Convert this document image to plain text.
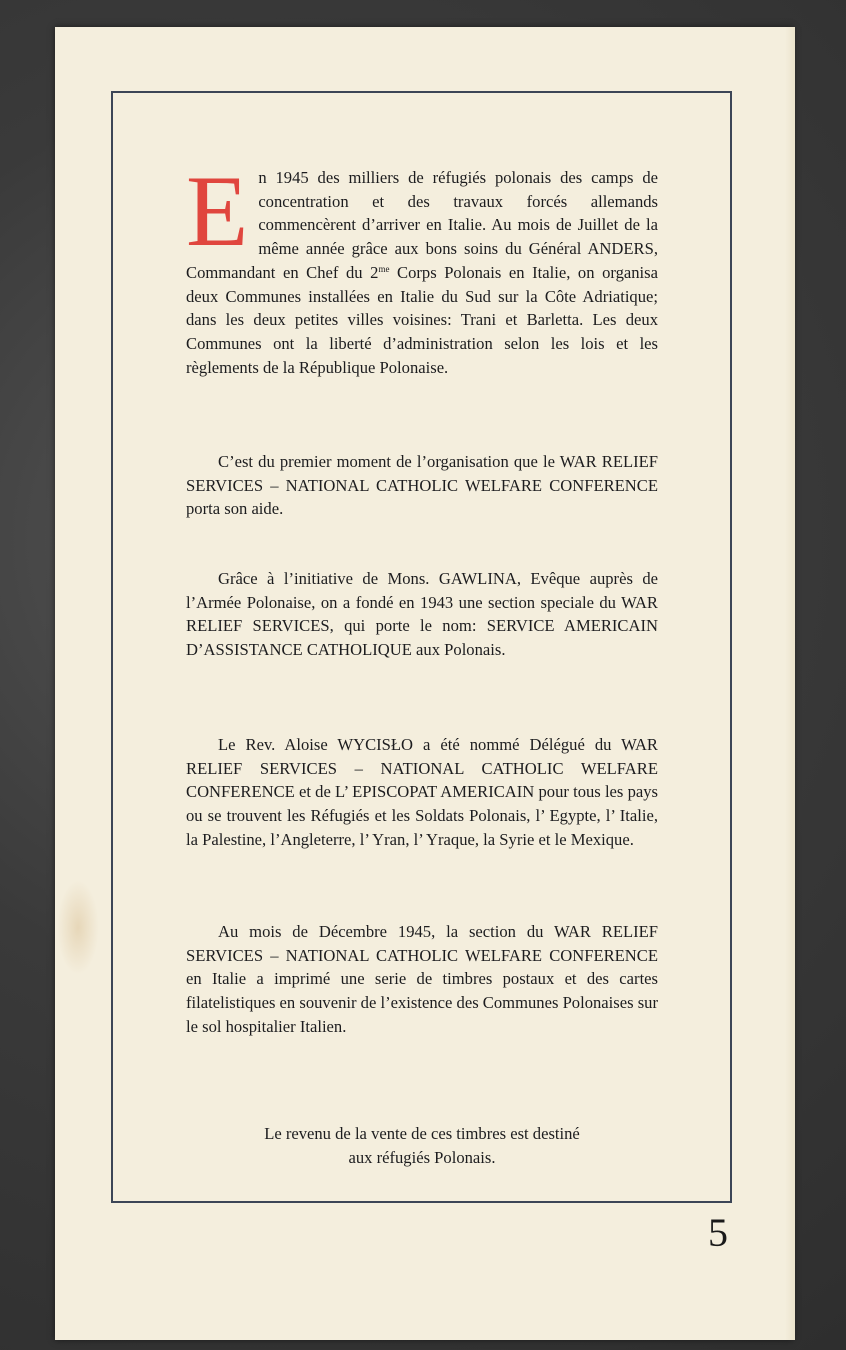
E n 1945 des milliers de réfugiés polonais des camps de concentration et des travaux forcés allemands commencèrent d’arriver en Italie. Au mois de Juillet de la même année grâce aux bons soins du Général ANDERS, Commandant en Chef du $2^{me}$ Corps Polonais en Italie, on organisa deux Communes installées en Italie du Sud sur la Côte Adriatique; dans les deux petites villes voisines: Trani et Barletta. Les deux Communes ont la liberté d’administration selon les lois et les règlements de la République Polonaise.
C’est du premier moment de l’organisation que le WAR RELIEF SERVICES – NATIONAL CATHOLIC WELFARE CONFERENCE porta son aide.
Grâce à l’initiative de Mons. GAWLINA, Evêque auprès de l’Armée Polonaise, on a fondé en 1943 une section speciale du WAR RELIEF SERVICES, qui porte le nom: SERVICE AMERICAIN D’ASSISTANCE CATHOLIQUE aux Polonais.
Le Rev. Aloise WYCISŁO a été nommé Délégué du WAR RELIEF SERVICES – NATIONAL CATHOLIC WELFARE CONFERENCE et de L’ EPISCOPAT AMERICAIN pour tous les pays ou se trouvent les Réfugiés et les Soldats Polonais, l’ Egypte, l’ Italie, la Palestine, l’Angleterre, l’ Yran, l’ Yraque, la Syrie et le Mexique.
Au mois de Décembre 1945, la section du WAR RELIEF SERVICES – NATIONAL CATHOLIC WELFARE CONFERENCE en Italie a imprimé une serie de timbres postaux et des cartes filatelistiques en souvenir de l’existence des Communes Polonaises sur le sol hospitalier Italien.
Le revenu de la vente de ces timbres est destiné
aux réfugiés Polonais.
5
